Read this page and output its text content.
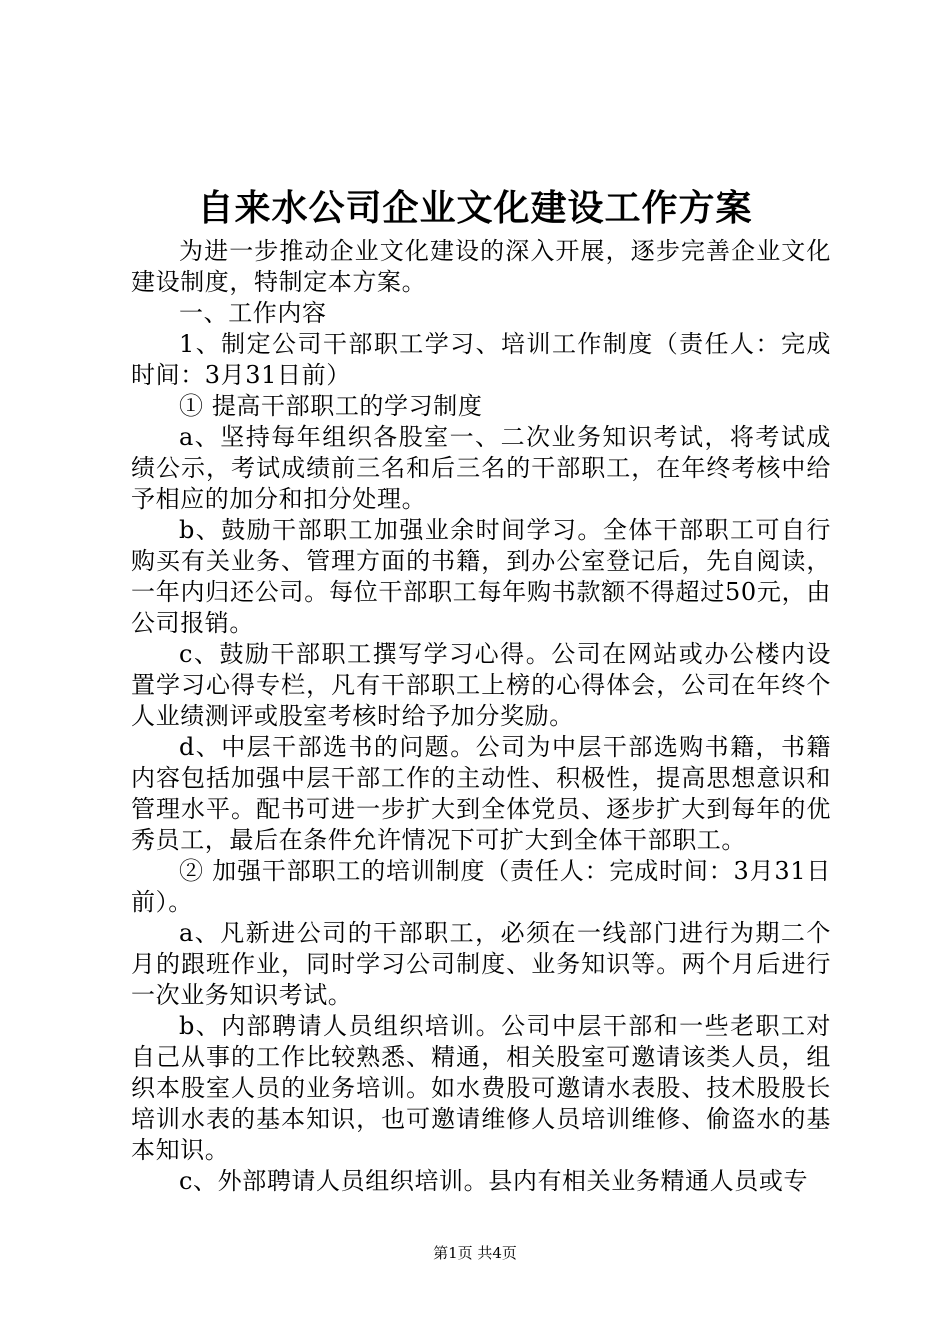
自来水公司企业文化建设工作方案

为进一步推动企业文化建设的深入开展，逐步完善企业文化建设制度，特制定本方案。

一、工作内容

1、制定公司干部职工学习、培训工作制度（责任人：完成时间：3月31日前）

① 提高干部职工的学习制度

a、坚持每年组织各股室一、二次业务知识考试，将考试成绩公示，考试成绩前三名和后三名的干部职工，在年终考核中给予相应的加分和扣分处理。

b、鼓励干部职工加强业余时间学习。全体干部职工可自行购买有关业务、管理方面的书籍，到办公室登记后，先自阅读，一年内归还公司。每位干部职工每年购书款额不得超过50元，由公司报销。

c、鼓励干部职工撰写学习心得。公司在网站或办公楼内设置学习心得专栏，凡有干部职工上榜的心得体会，公司在年终个人业绩测评或股室考核时给予加分奖励。

d、中层干部选书的问题。公司为中层干部选购书籍，书籍内容包括加强中层干部工作的主动性、积极性，提高思想意识和管理水平。配书可进一步扩大到全体党员、逐步扩大到每年的优秀员工，最后在条件允许情况下可扩大到全体干部职工。

② 加强干部职工的培训制度（责任人：完成时间：3月31日前）。

a、凡新进公司的干部职工，必须在一线部门进行为期二个月的跟班作业，同时学习公司制度、业务知识等。两个月后进行一次业务知识考试。

b、内部聘请人员组织培训。公司中层干部和一些老职工对自己从事的工作比较熟悉、精通，相关股室可邀请该类人员，组织本股室人员的业务培训。如水费股可邀请水表股、技术股股长培训水表的基本知识，也可邀请维修人员培训维修、偷盗水的基本知识。

c、外部聘请人员组织培训。县内有相关业务精通人员或专

第1页 共4页
